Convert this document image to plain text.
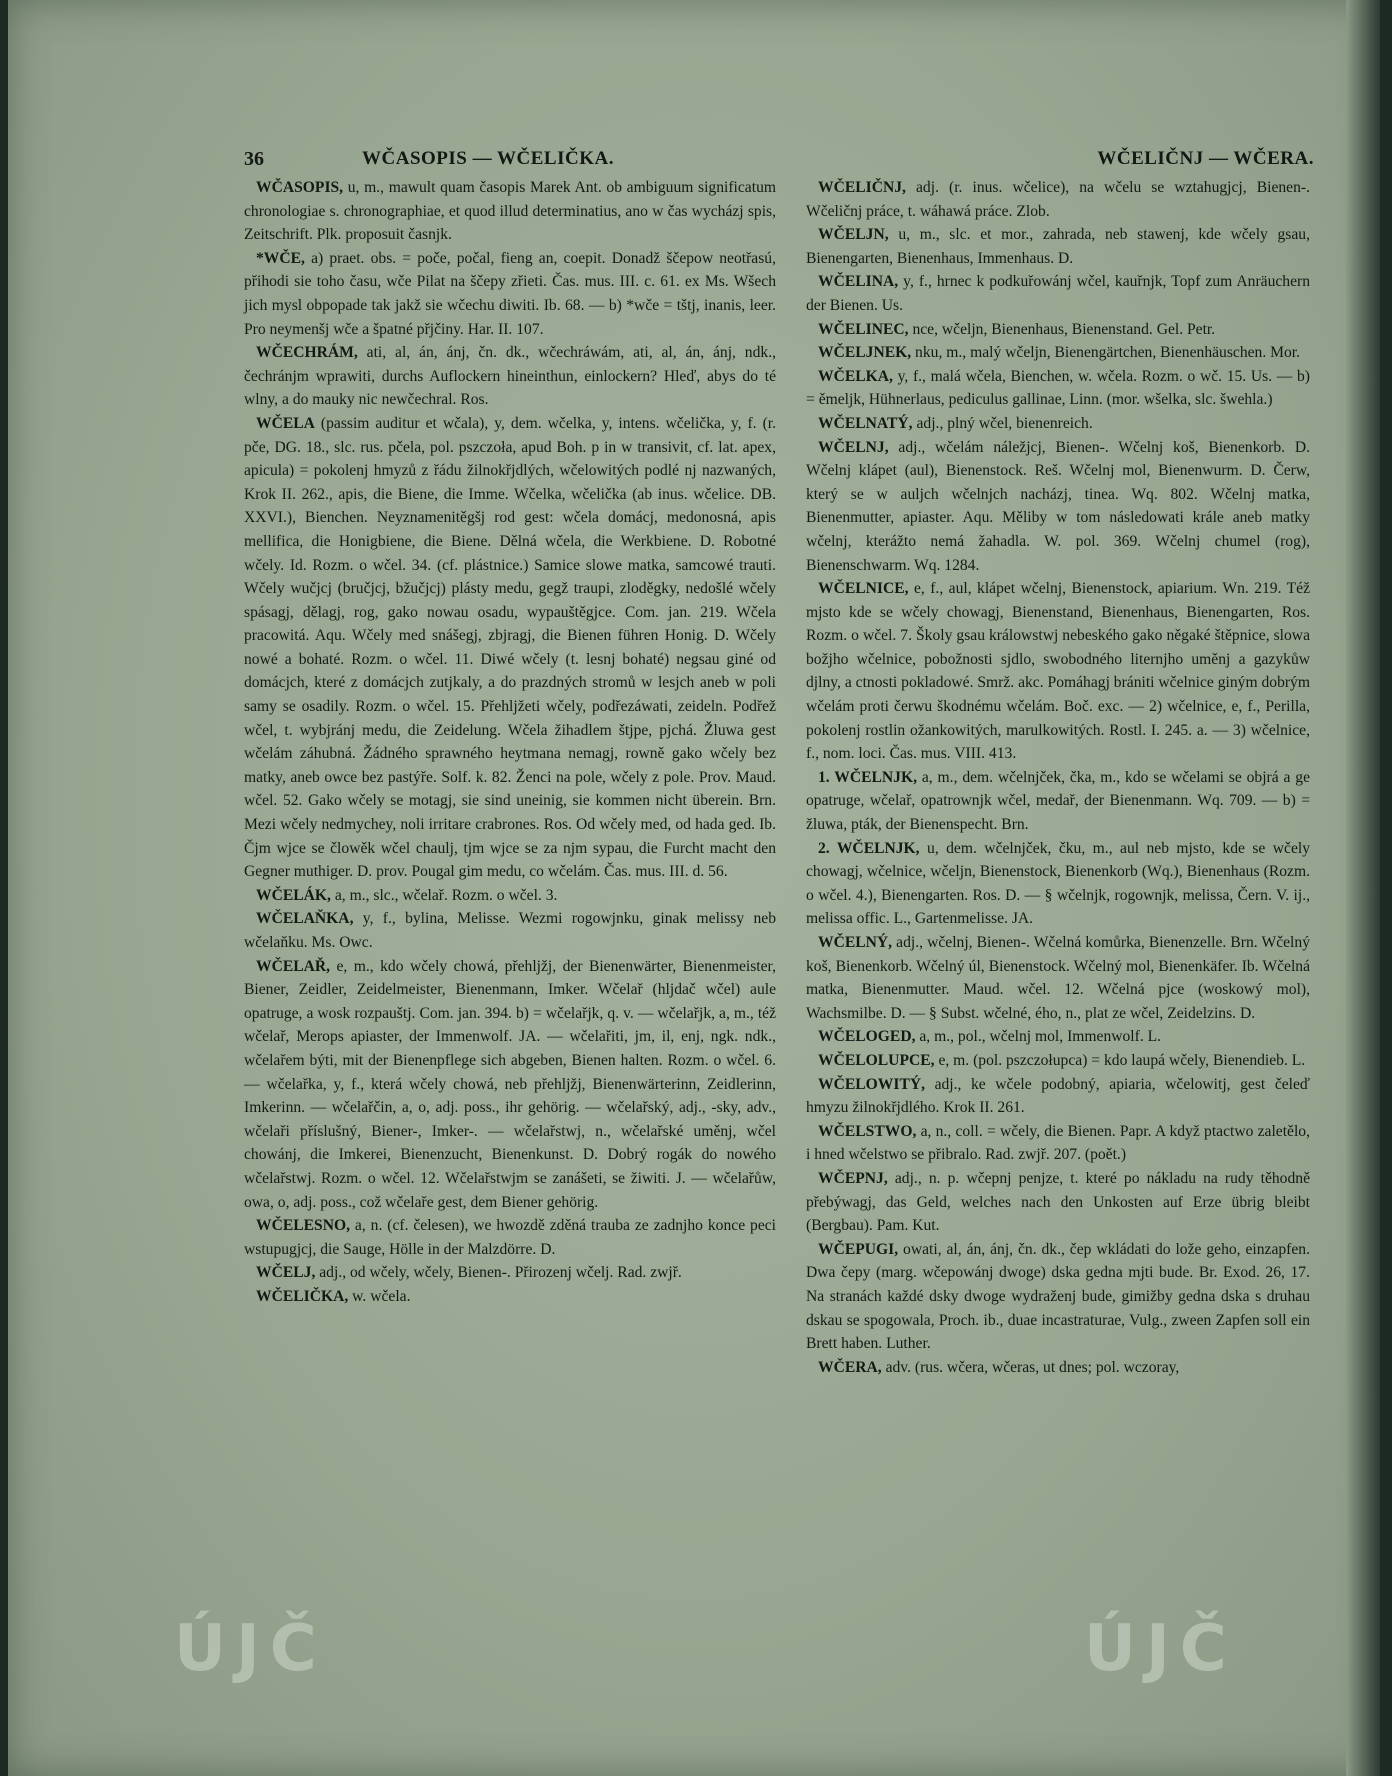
36	WČASOPIS — WČELIČKA.	WČELIČNJ — WČERA.

WČASOPIS, u, m., mawult quam časopis Marek Ant. ob ambiguum significatum chronologiae s. chronographiae, et quod illud determinatius, ano w čas wycházj spis, Zeitschrift. Plk. proposuit časnjk.

*WČE, a) praet. obs. = poče, počal, fieng an, coepit. Donadž ščepow neotřasú, přihodi sie toho času, wče Pilat na ščepy zřieti. Čas. mus. III. c. 61. ex Ms. Wšech jich mysl obpopade tak jakž sie wčechu diwiti. Ib. 68. — b) *wče = tštj, inanis, leer. Pro neymenšj wče a špatné přjčiny. Har. II. 107.

WČECHRÁM, ati, al, án, ánj, čn. dk., wčechráwám, ati, al, án, ánj, ndk., čechránjm wprawiti, durchs Auflockern hineinthun, einlockern? Hleď, abys do té wlny, a do mauky nic newčechral. Ros.

WČELA (passim auditur et wčala), y, dem. wčelka, y, intens. wčelička, y, f. (r. pče, DG. 18., slc. rus. pčela, pol. pszczoła, apud Boh. p in w transivit, cf. lat. apex, apicula) = pokolenj hmyzů z řádu žilnokřjdlých, wčelowitých podlé nj nazwaných, Krok II. 262., apis, die Biene, die Imme. Wčelka, wčelička (ab inus. wčelice. DB. XXVI.), Bienchen. Neyznamenitěgšj rod gest: wčela domácj, medonosná, apis mellifica, die Honigbiene, die Biene. Dělná wčela, die Werkbiene. D. Robotné wčely. Id. Rozm. o wčel. 34. (cf. plástnice.) Samice slowe matka, samcowé trauti. Wčely wučjcj (bručjcj, bžučjcj) plásty medu, gegž traupi, zloděgky, nedošlé wčely spásagj, dělagj, rog, gako nowau osadu, wypauštěgjce. Com. jan. 219. Wčela pracowitá. Aqu. Wčely med snášegj, zbjragj, die Bienen führen Honig. D. Wčely nowé a bohaté. Rozm. o wčel. 11. Diwé wčely (t. lesnj bohaté) negsau giné od domácjch, které z domácjch zutjkaly, a do prazdných stromů w lesjch aneb w poli samy se osadily. Rozm. o wčel. 15. Přehljžeti wčely, podřezáwati, zeideln. Podřež wčel, t. wybjránj medu, die Zeidelung. Wčela žihadlem štjpe, pjchá. Žluwa gest wčelám záhubná. Žádného sprawného heytmana nemagj, rowně gako wčely bez matky, aneb owce bez pastýře. Solf. k. 82. Ženci na pole, wčely z pole. Prov. Maud. wčel. 52. Gako wčely se motagj, sie sind uneinig, sie kommen nicht überein. Brn. Mezi wčely nedmychey, noli irritare crabrones. Ros. Od wčely med, od hada ged. Ib. Čjm wjce se člowěk wčel chaulj, tjm wjce se za njm sypau, die Furcht macht den Gegner muthiger. D. prov. Pougal gim medu, co wčelám. Čas. mus. III. d. 56.

WČELÁK, a, m., slc., wčelař. Rozm. o wčel. 3.

WČELAŇKA, y, f., bylina, Melisse. Wezmi rogowjnku, ginak melissy neb wčelaňku. Ms. Owc.

WČELAŘ, e, m., kdo wčely chowá, přehljžj, der Bienenwärter, Bienenmeister, Biener, Zeidler, Zeidelmeister, Bienenmann, Imker. Wčelař (hljdač wčel) aule opatruge, a wosk rozpauštj. Com. jan. 394. b) = wčelařjk, q. v. — wčelařjk, a, m., též wčelař, Merops apiaster, der Immenwolf. JA. — wčelařiti, jm, il, enj, ngk. ndk., wčelařem býti, mit der Bienenpflege sich abgeben, Bienen halten. Rozm. o wčel. 6. — wčelařka, y, f., která wčely chowá, neb přehljžj, Bienenwärterinn, Zeidlerinn, Imkerinn. — wčelařčin, a, o, adj. poss., ihr gehörig. — wčelařský, adj., -sky, adv., wčelaři příslušný, Biener-, Imker-. — wčelařstwj, n., wčelařské uměnj, wčel chowánj, die Imkerei, Bienenzucht, Bienenkunst. D. Dobrý rogák do nowého wčelařstwj. Rozm. o wčel. 12. Wčelařstwjm se zanášeti, se žiwiti. J. — wčelařůw, owa, o, adj. poss., což wčelaře gest, dem Biener gehörig.

WČELESNO, a, n. (cf. čelesen), we hwozdě zděná trauba ze zadnjho konce peci wstupugjcj, die Sauge, Hölle in der Malzdörre. D.

WČELJ, adj., od wčely, wčely, Bienen-. Přirozenj wčelj. Rad. zwjř.

WČELIČKA, w. wčela.

WČELIČNJ, adj. (r. inus. wčelice), na wčelu se wztahugjcj, Bienen-. Wčeličnj práce, t. wáhawá práce. Zlob.

WČELJN, u, m., slc. et mor., zahrada, neb stawenj, kde wčely gsau, Bienengarten, Bienenhaus, Immenhaus. D.

WČELINA, y, f., hrnec k podkuřowánj wčel, kauřnjk, Topf zum Anräuchern der Bienen. Us.

WČELINEC, nce, wčeljn, Bienenhaus, Bienenstand. Gel. Petr.

WČELJNEK, nku, m., malý wčeljn, Bienengärtchen, Bienenhäuschen. Mor.

WČELKA, y, f., malá wčela, Bienchen, w. wčela. Rozm. o wč. 15. Us. — b) = ěmeljk, Hühnerlaus, pediculus gallinae, Linn. (mor. wšelka, slc. šwehla.)

WČELNATÝ, adj., plný wčel, bienenreich.

WČELNJ, adj., wčelám náležjcj, Bienen-. Wčelnj koš, Bienenkorb. D. Wčelnj klápet (aul), Bienenstock. Reš. Wčelnj mol, Bienenwurm. D. Čerw, který se w auljch wčelnjch nacházj, tinea. Wq. 802. Wčelnj matka, Bienenmutter, apiaster. Aqu. Měliby w tom následowati krále aneb matky wčelnj, kterážto nemá žahadla. W. pol. 369. Wčelnj chumel (rog), Bienenschwarm. Wq. 1284.

WČELNICE, e, f., aul, klápet wčelnj, Bienenstock, apiarium. Wn. 219. Též mjsto kde se wčely chowagj, Bienenstand, Bienenhaus, Bienengarten, Ros. Rozm. o wčel. 7. Školy gsau králowstwj nebeského gako něgaké štěpnice, slowa božjho wčelnice, pobožnosti sjdlo, swobodného liternjho uměnj a gazykůw djlny, a ctnosti pokladowé. Smrž. akc. Pomáhagj brániti wčelnice giným dobrým wčelám proti čerwu škodnému wčelám. Boč. exc. — 2) wčelnice, e, f., Perilla, pokolenj rostlin ožankowitých, marulkowitých. Rostl. I. 245. a. — 3) wčelnice, f., nom. loci. Čas. mus. VIII. 413.

1. WČELNJK, a, m., dem. wčelnjček, čka, m., kdo se wčelami se objrá a ge opatruge, wčelař, opatrownjk wčel, medař, der Bienenmann. Wq. 709. — b) = žluwa, pták, der Bienenspecht. Brn.

2. WČELNJK, u, dem. wčelnjček, čku, m., aul neb mjsto, kde se wčely chowagj, wčelnice, wčeljn, Bienenstock, Bienenkorb (Wq.), Bienenhaus (Rozm. o wčel. 4.), Bienengarten. Ros. D. — § wčelnjk, rogownjk, melissa, Čern. V. ij., melissa offic. L., Gartenmelisse. JA.

WČELNÝ, adj., wčelnj, Bienen-. Wčelná komůrka, Bienenzelle. Brn. Wčelný koš, Bienenkorb. Wčelný úl, Bienenstock. Wčelný mol, Bienenkäfer. Ib. Wčelná matka, Bienenmutter. Maud. wčel. 12. Wčelná pjce (woskowý mol), Wachsmilbe. D. — § Subst. wčelné, ého, n., plat ze wčel, Zeidelzins. D.

WČELOGED, a, m., pol., wčelnj mol, Immenwolf. L.

WČELOLUPCE, e, m. (pol. pszczołupca) = kdo laupá wčely, Bienendieb. L.

WČELOWITÝ, adj., ke wčele podobný, apiaria, wčelowitj, gest čeleď hmyzu žilnokřjdlého. Krok II. 261.

WČELSTWO, a, n., coll. = wčely, die Bienen. Papr. A když ptactwo zaletělo, i hned wčelstwo se přibralo. Rad. zwjř. 207. (poět.)

WČEPNJ, adj., n. p. wčepnj penjze, t. které po nákladu na rudy těhodně přebýwagj, das Geld, welches nach den Unkosten auf Erze übrig bleibt (Bergbau). Pam. Kut.

WČEPUGI, owati, al, án, ánj, čn. dk., čep wkládati do lože geho, einzapfen. Dwa čepy (marg. wčepowánj dwoge) dska gedna mjti bude. Br. Exod. 26, 17. Na stranách každé dsky dwoge wydraženj bude, gimižby gedna dska s druhau dskau se spogowala, Proch. ib., duae incastraturae, Vulg., zween Zapfen soll ein Brett haben. Luther.

WČERA, adv. (rus. wčera, wčeras, ut dnes; pol. wczoray,

ÚJČ	ÚJČ
